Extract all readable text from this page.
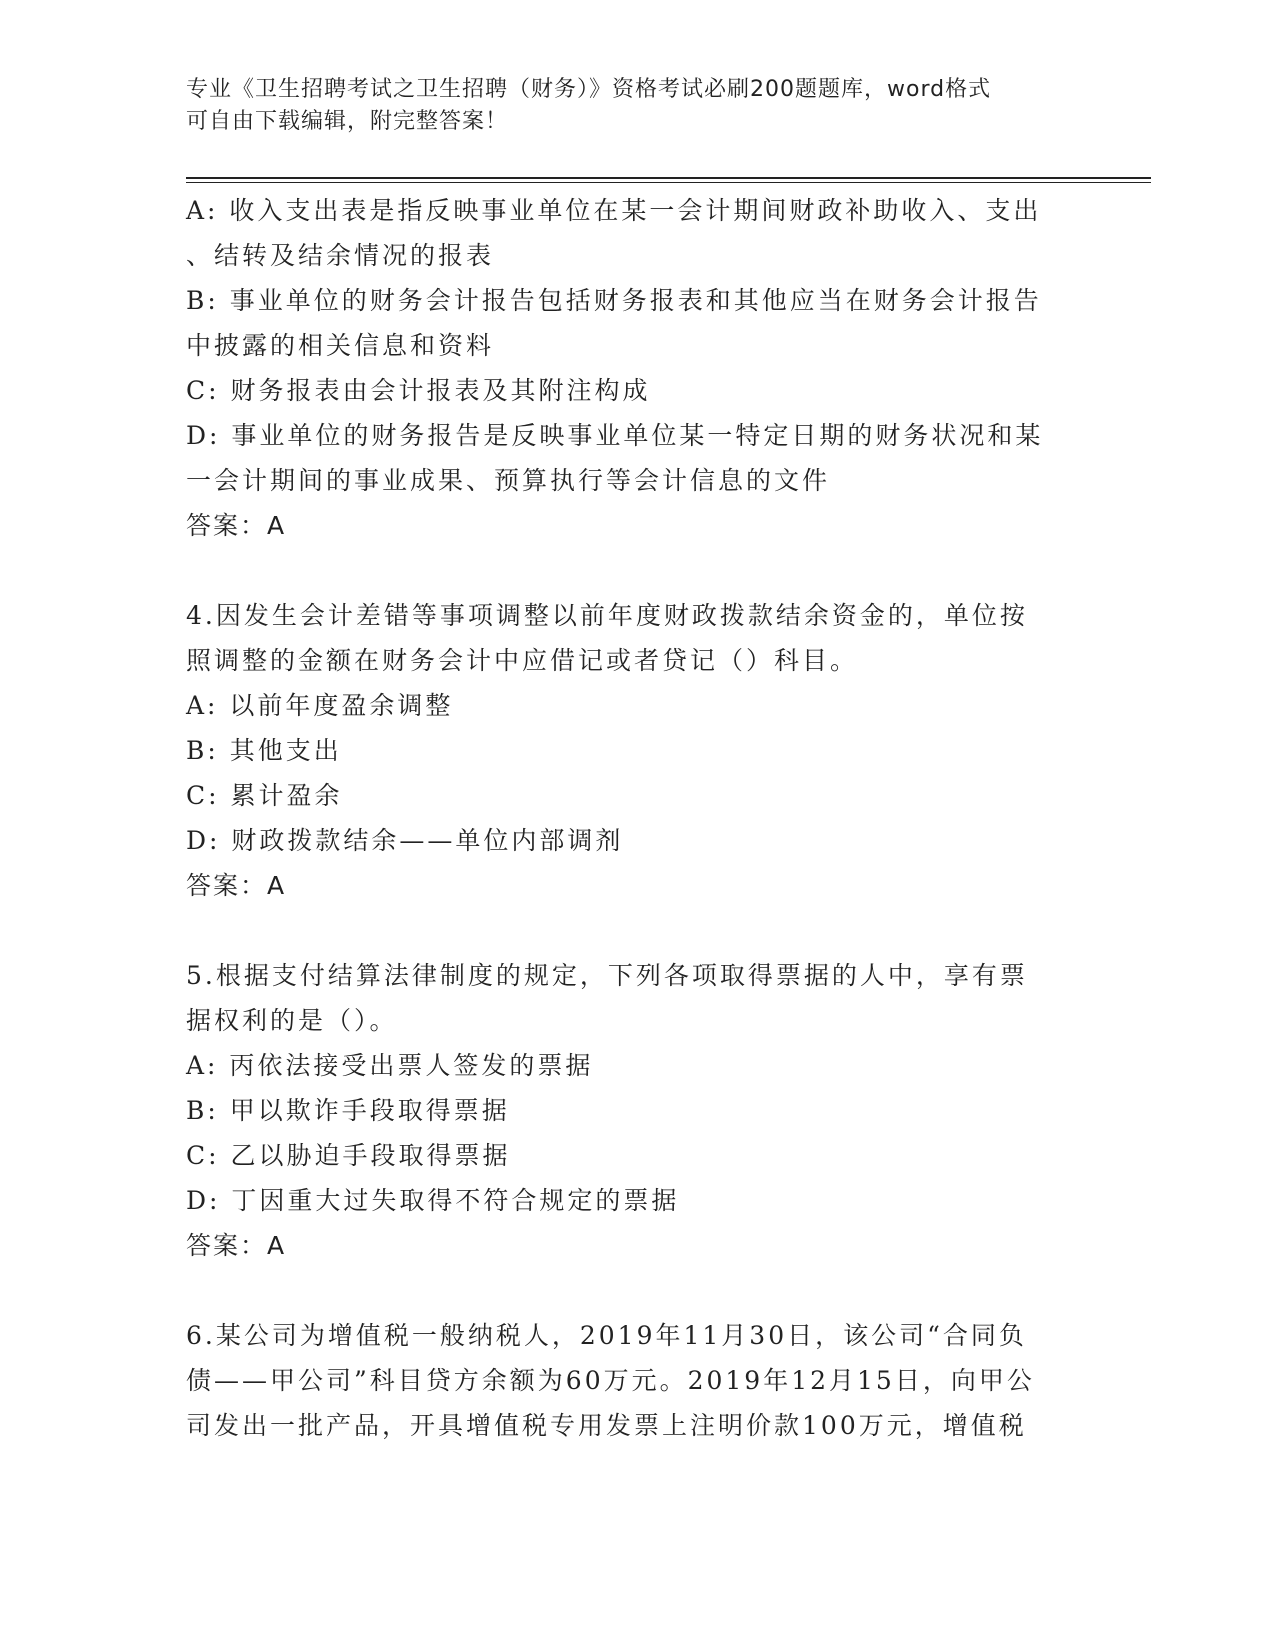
专业《卫生招聘考试之卫生招聘（财务）》资格考试必刷200题题库，word格式
可自由下载编辑，附完整答案！
A: 收入支出表是指反映事业单位在某一会计期间财政补助收入、支出
、结转及结余情况的报表
B: 事业单位的财务会计报告包括财务报表和其他应当在财务会计报告
中披露的相关信息和资料
C: 财务报表由会计报表及其附注构成
D: 事业单位的财务报告是反映事业单位某一特定日期的财务状况和某
一会计期间的事业成果、预算执行等会计信息的文件
答案：A
4.因发生会计差错等事项调整以前年度财政拨款结余资金的，单位按
照调整的金额在财务会计中应借记或者贷记（）科目。
A: 以前年度盈余调整
B: 其他支出
C: 累计盈余
D: 财政拨款结余——单位内部调剂
答案：A
5.根据支付结算法律制度的规定，下列各项取得票据的人中，享有票
据权利的是（）。
A: 丙依法接受出票人签发的票据
B: 甲以欺诈手段取得票据
C: 乙以胁迫手段取得票据
D: 丁因重大过失取得不符合规定的票据
答案：A
6.某公司为增值税一般纳税人，2019年11月30日，该公司“合同负
债——甲公司”科目贷方余额为60万元。2019年12月15日，向甲公
司发出一批产品，开具增值税专用发票上注明价款100万元，增值税
